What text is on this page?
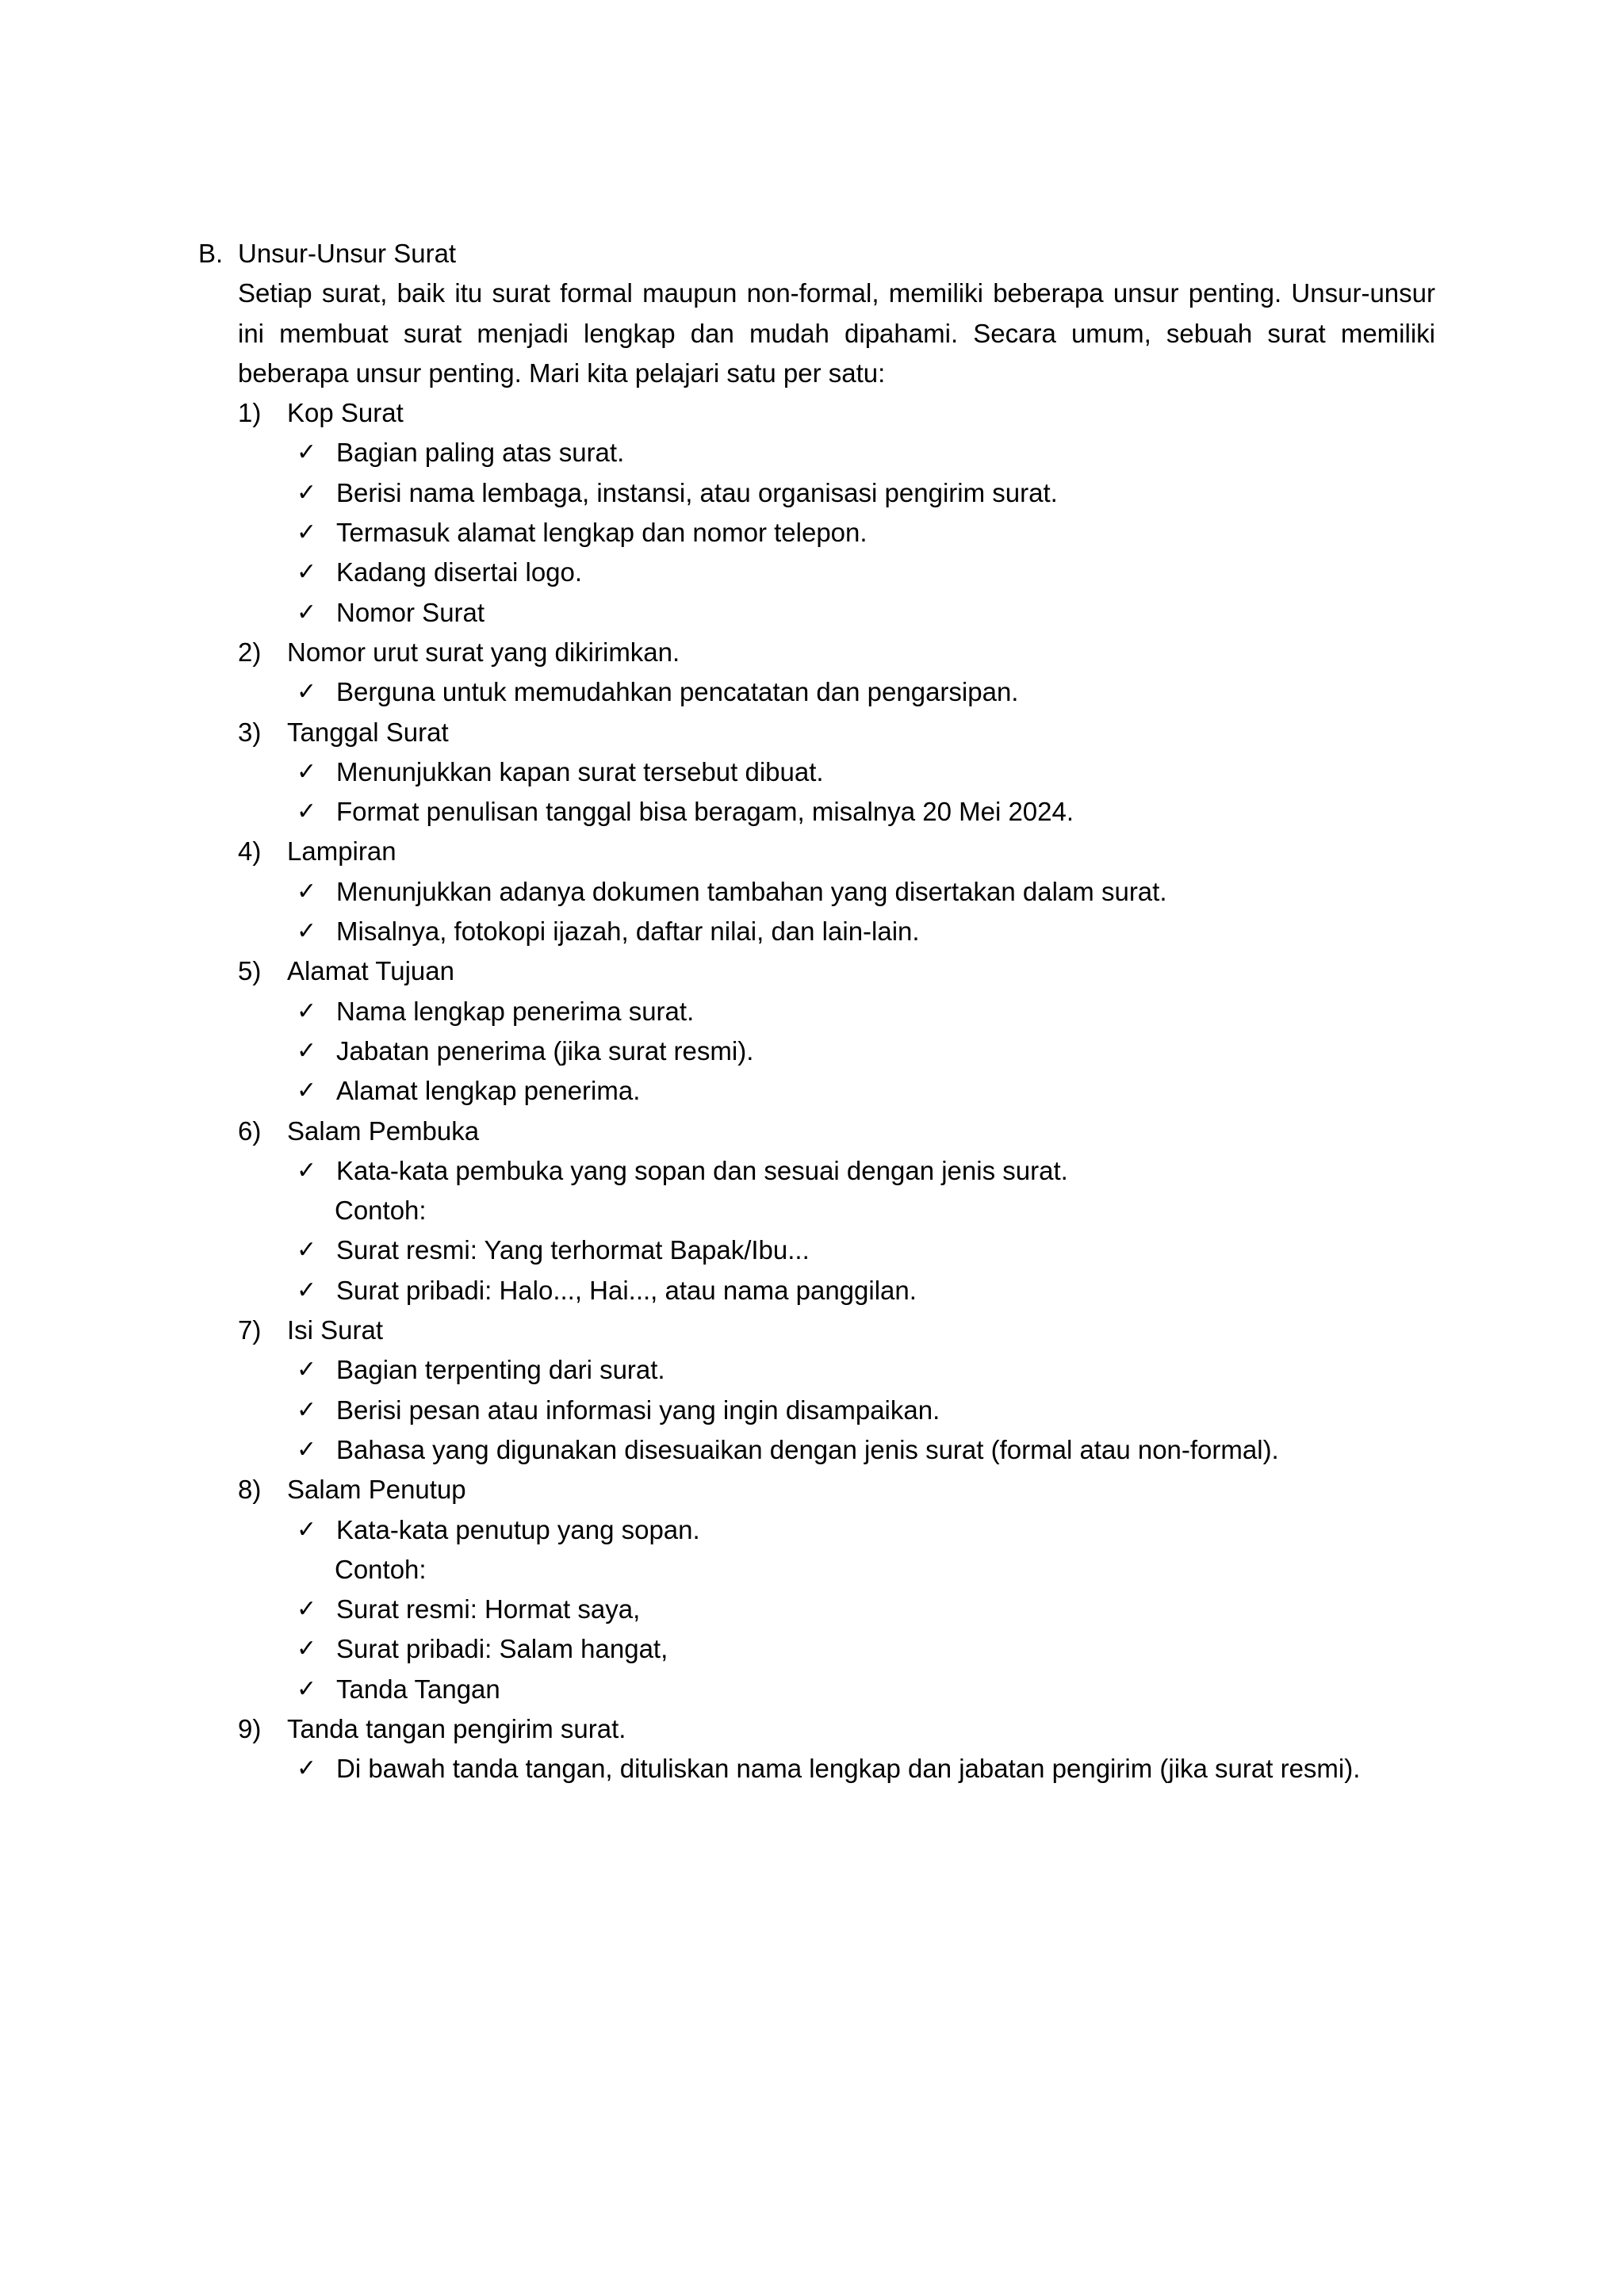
B. Unsur-Unsur Surat
Setiap surat, baik itu surat formal maupun non-formal, memiliki beberapa unsur penting. Unsur-unsur ini membuat surat menjadi lengkap dan mudah dipahami. Secara umum, sebuah surat memiliki beberapa unsur penting. Mari kita pelajari satu per satu:
1) Kop Surat
✓ Bagian paling atas surat.
✓ Berisi nama lembaga, instansi, atau organisasi pengirim surat.
✓ Termasuk alamat lengkap dan nomor telepon.
✓ Kadang disertai logo.
✓ Nomor Surat
2) Nomor urut surat yang dikirimkan.
✓ Berguna untuk memudahkan pencatatan dan pengarsipan.
3) Tanggal Surat
✓ Menunjukkan kapan surat tersebut dibuat.
✓ Format penulisan tanggal bisa beragam, misalnya 20 Mei 2024.
4) Lampiran
✓ Menunjukkan adanya dokumen tambahan yang disertakan dalam surat.
✓ Misalnya, fotokopi ijazah, daftar nilai, dan lain-lain.
5) Alamat Tujuan
✓ Nama lengkap penerima surat.
✓ Jabatan penerima (jika surat resmi).
✓ Alamat lengkap penerima.
6) Salam Pembuka
✓ Kata-kata pembuka yang sopan dan sesuai dengan jenis surat.
Contoh:
✓ Surat resmi: Yang terhormat Bapak/Ibu...
✓ Surat pribadi: Halo..., Hai..., atau nama panggilan.
7) Isi Surat
✓ Bagian terpenting dari surat.
✓ Berisi pesan atau informasi yang ingin disampaikan.
✓ Bahasa yang digunakan disesuaikan dengan jenis surat (formal atau non-formal).
8) Salam Penutup
✓ Kata-kata penutup yang sopan.
Contoh:
✓ Surat resmi: Hormat saya,
✓ Surat pribadi: Salam hangat,
✓ Tanda Tangan
9) Tanda tangan pengirim surat.
✓ Di bawah tanda tangan, dituliskan nama lengkap dan jabatan pengirim (jika surat resmi).
